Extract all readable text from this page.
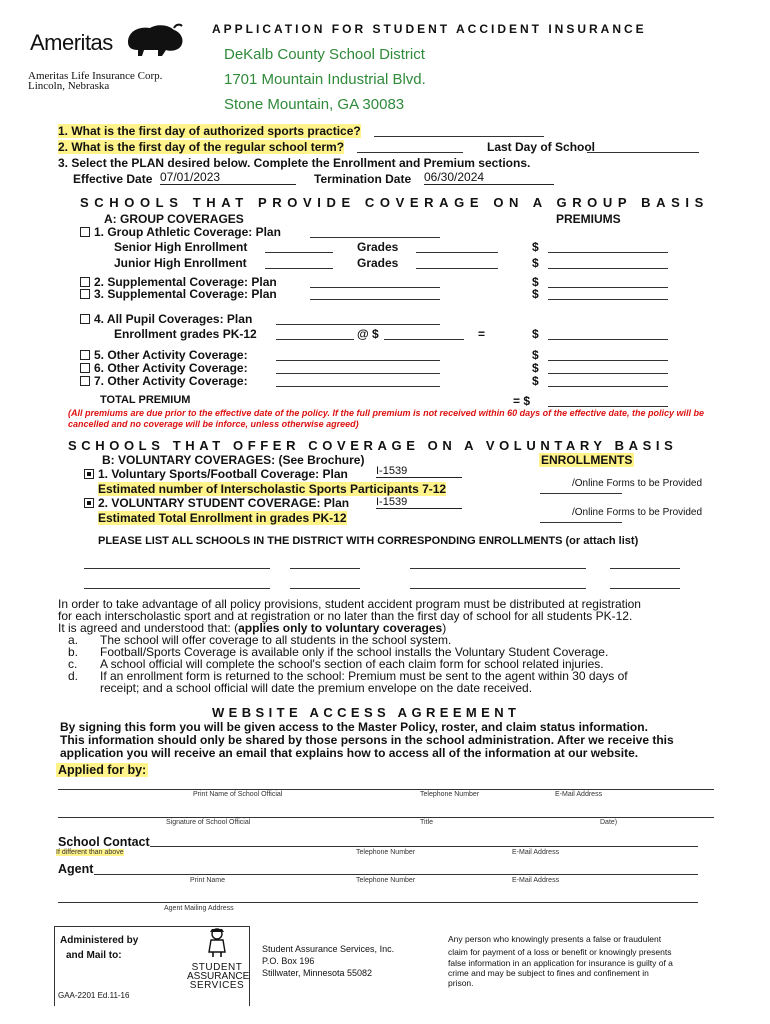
Ameritas
Ameritas Life Insurance Corp.
Lincoln, Nebraska
APPLICATION FOR STUDENT ACCIDENT INSURANCE
DeKalb County School District
1701 Mountain Industrial Blvd.
Stone Mountain, GA 30083
1. What is the first day of authorized sports practice?
2. What is the first day of the regular school term?	Last Day of School
3. Select the PLAN desired below. Complete the Enrollment and Premium sections.
Effective Date 07/01/2023	Termination Date 06/30/2024
SCHOOLS THAT PROVIDE COVERAGE ON A GROUP BASIS
A: GROUP COVERAGES	PREMIUMS
1. Group Athletic Coverage: Plan
Senior High Enrollment	Grades	$
Junior High Enrollment	Grades	$
2. Supplemental Coverage: Plan	$
3. Supplemental Coverage: Plan	$
4. All Pupil Coverages: Plan
Enrollment grades PK-12	@ $	=	$
5. Other Activity Coverage:	$
6. Other Activity Coverage:	$
7. Other Activity Coverage:	$
TOTAL PREMIUM	= $
(All premiums are due prior to the effective date of the policy. If the full premium is not received within 60 days of the effective date, the policy will be cancelled and no coverage will be inforce, unless otherwise agreed)
SCHOOLS THAT OFFER COVERAGE ON A VOLUNTARY BASIS
B: VOLUNTARY COVERAGES: (See Brochure)	ENROLLMENTS
1. Voluntary Sports/Football Coverage: Plan	I-1539
Estimated number of Interscholastic Sports Participants 7-12	/Online Forms to be Provided
2. VOLUNTARY STUDENT COVERAGE: Plan I-1539
Estimated Total Enrollment in grades PK-12	/Online Forms to be Provided
PLEASE LIST ALL SCHOOLS IN THE DISTRICT WITH CORRESPONDING ENROLLMENTS (or attach list)
In order to take advantage of all policy provisions, student accident program must be distributed at registration
for each interscholastic sport and at registration or no later than the first day of school for all students PK-12.
It is agreed and understood that: (applies only to voluntary coverages)
a. The school will offer coverage to all students in the school system.
b. Football/Sports Coverage is available only if the school installs the Voluntary Student Coverage.
c. A school official will complete the school's section of each claim form for school related injuries.
d. If an enrollment form is returned to the school: Premium must be sent to the agent within 30 days of
receipt; and a school official will date the premium envelope on the date received.
WEBSITE ACCESS AGREEMENT
By signing this form you will be given access to the Master Policy, roster, and claim status information.
This information should only be shared by those persons in the school administration. After we receive this
application you will receive an email that explains how to access all of the information at our website.
Applied for by:
Print Name of School Official	Telephone Number	E-Mail Address
Signature of School Official	Title	Date)
School Contact
If different than above	Telephone Number	E-Mail Address
Agent
Print Name	Telephone Number	E-Mail Address
Agent Mailing Address
Administered by
and Mail to:
GAA-2201 Ed.11-16
STUDENT
ASSURANCE
SERVICES
Student Assurance Services, Inc.
P.O. Box 196
Stillwater, Minnesota 55082
Any person who knowingly presents a false or fraudulent
claim for payment of a loss or benefit or knowingly presents
false information in an application for insurance is guilty of a
crime and may be subject to fines and confinement in
prison.
